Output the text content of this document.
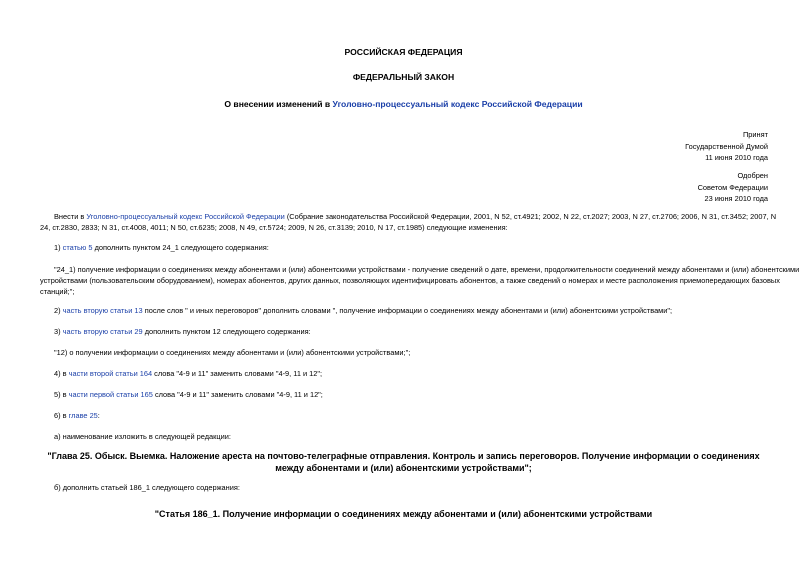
РОССИЙСКАЯ ФЕДЕРАЦИЯ
ФЕДЕРАЛЬНЫЙ ЗАКОН
О внесении изменений в Уголовно-процессуальный кодекс Российской Федерации
Принят
Государственной Думой
11 июня 2010 года
Одобрен
Советом Федерации
23 июня 2010 года
Внести в Уголовно-процессуальный кодекс Российской Федерации (Собрание законодательства Российской Федерации, 2001, N 52, ст.4921; 2002, N 22, ст.2027; 2003, N 27, ст.2706; 2006, N 31, ст.3452; 2007, N
24, ст.2830, 2833; N 31, ст.4008, 4011; N 50, ст.6235; 2008, N 49, ст.5724; 2009, N 26, ст.3139; 2010, N 17, ст.1985) следующие изменения:
1) статью 5 дополнить пунктом 24_1 следующего содержания:
"24_1) получение информации о соединениях между абонентами и (или) абонентскими устройствами - получение сведений о дате, времени, продолжительности соединений между абонентами и (или) абонентскими
устройствами (пользовательским оборудованием), номерах абонентов, других данных, позволяющих идентифицировать абонентов, а также сведений о номерах и месте расположения приемопередающих базовых
станций;";
2) часть вторую статьи 13 после слов " и иных переговоров" дополнить словами ", получение информации о соединениях между абонентами и (или) абонентскими устройствами";
3) часть вторую статьи 29 дополнить пунктом 12 следующего содержания:
"12) о получении информации о соединениях между абонентами и (или) абонентскими устройствами;";
4) в части второй статьи 164 слова "4-9 и 11" заменить словами "4-9, 11 и 12";
5) в части первой статьи 165 слова "4-9 и 11" заменить словами "4-9, 11 и 12";
6) в главе 25:
а) наименование изложить в следующей редакции:
"Глава 25. Обыск. Выемка. Наложение ареста на почтово-телеграфные отправления. Контроль и запись переговоров. Получение информации о соединениях
между абонентами и (или) абонентскими устройствами";
б) дополнить статьей 186_1 следующего содержания:
"Статья 186_1. Получение информации о соединениях между абонентами и (или) абонентскими устройствами
